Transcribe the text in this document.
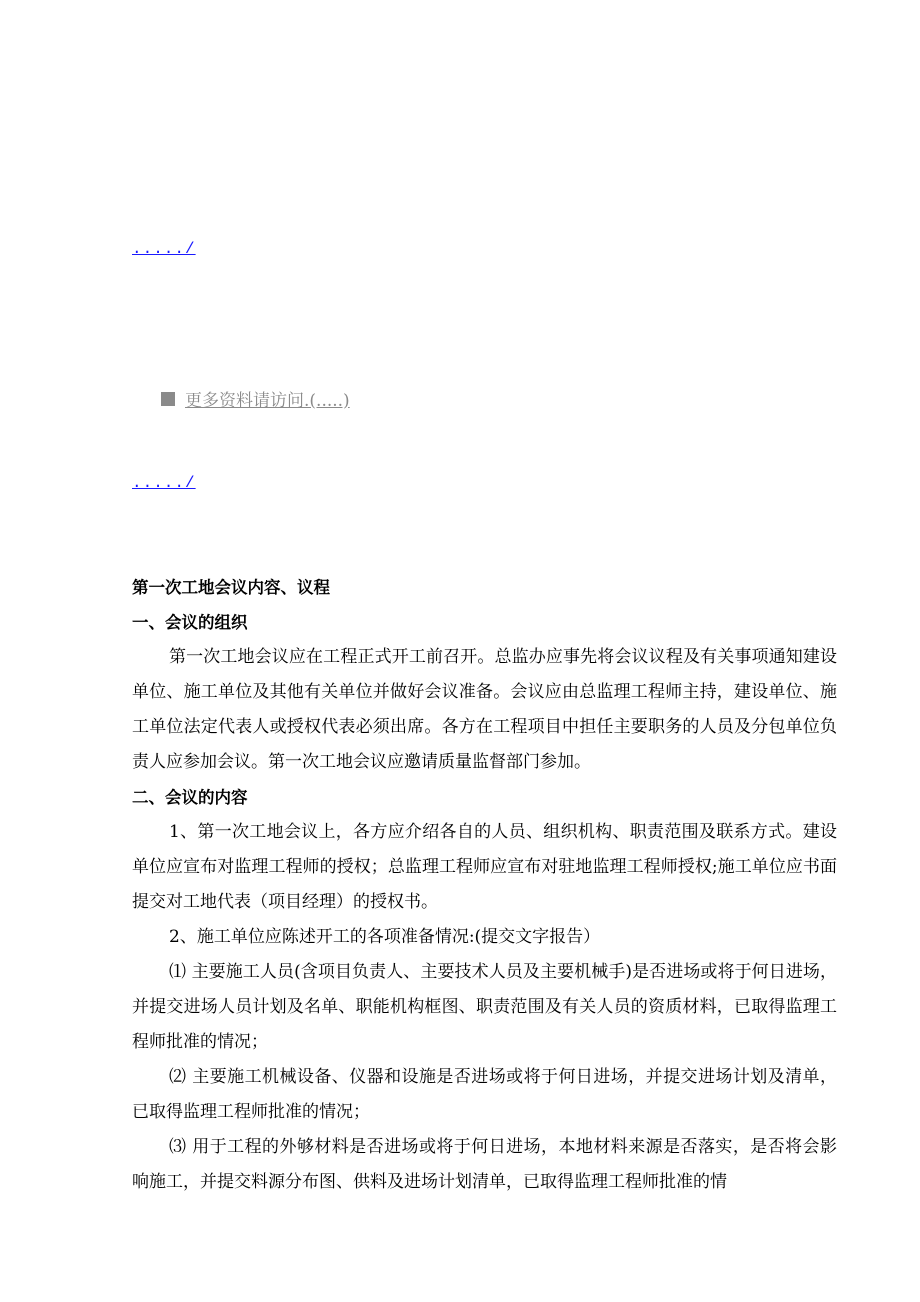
...../
更多资料请访问.(.....)
...../

第一次工地会议内容、议程

一、会议的组织

第一次工地会议应在工程正式开工前召开。总监办应事先将会议议程及有关事项通知建设单位、施工单位及其他有关单位并做好会议准备。会议应由总监理工程师主持，建设单位、施工单位法定代表人或授权代表必须出席。各方在工程项目中担任主要职务的人员及分包单位负责人应参加会议。第一次工地会议应邀请质量监督部门参加。

二、会议的内容

1、第一次工地会议上，各方应介绍各自的人员、组织机构、职责范围及联系方式。建设单位应宣布对监理工程师的授权；总监理工程师应宣布对驻地监理工程师授权;施工单位应书面提交对工地代表（项目经理）的授权书。

2、施工单位应陈述开工的各项准备情况:(提交文字报告）

⑴ 主要施工人员(含项目负责人、主要技术人员及主要机械手)是否进场或将于何日进场，并提交进场人员计划及名单、职能机构框图、职责范围及有关人员的资质材料，已取得监理工程师批准的情况；

⑵ 主要施工机械设备、仪器和设施是否进场或将于何日进场，并提交进场计划及清单，已取得监理工程师批准的情况；

⑶ 用于工程的外够材料是否进场或将于何日进场，本地材料来源是否落实，是否将会影响施工，并提交料源分布图、供料及进场计划清单，已取得监理工程师批准的情
